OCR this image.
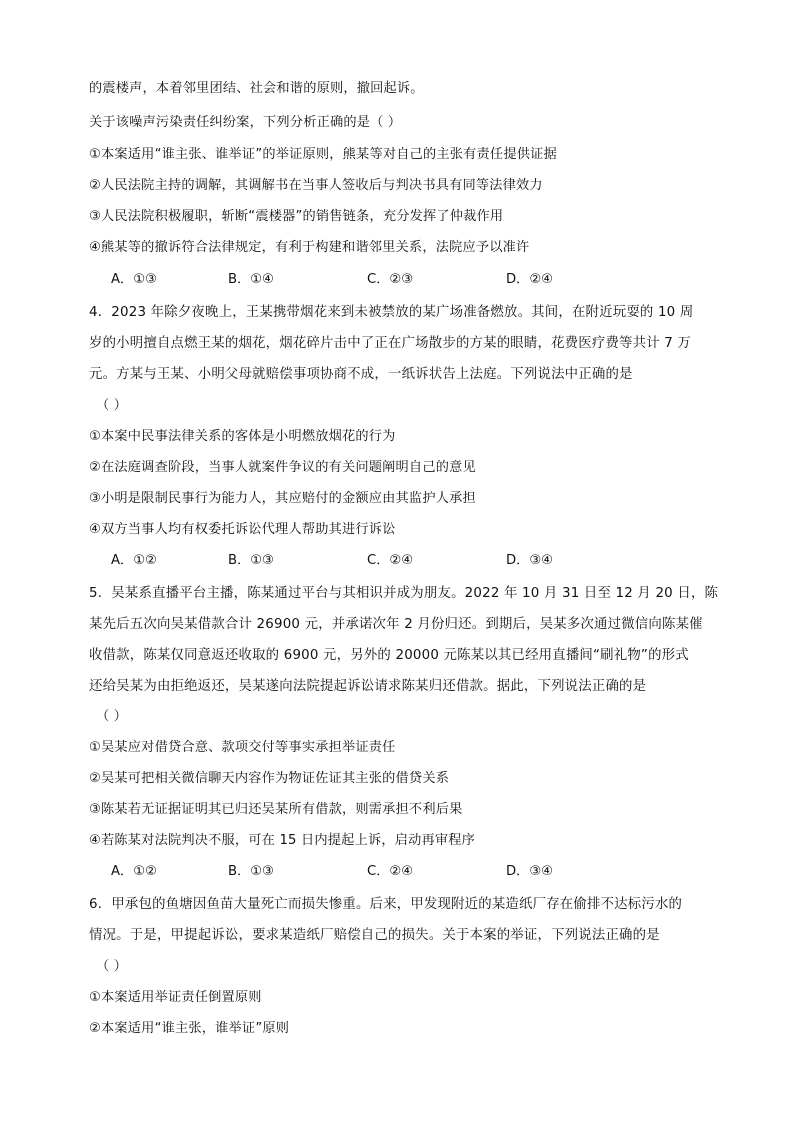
的震楼声，本着邻里团结、社会和谐的原则，撤回起诉。
关于该噪声污染责任纠纷案，下列分析正确的是（ ）
①本案适用“谁主张、谁举证”的举证原则，熊某等对自己的主张有责任提供证据
②人民法院主持的调解，其调解书在当事人签收后与判决书具有同等法律效力
③人民法院积极履职，斩断“震楼器”的销售链条，充分发挥了仲裁作用
④熊某等的撤诉符合法律规定，有利于构建和谐邻里关系，法院应予以准许
A．①③	B．①④	C．②③	D．②④
4．2023 年除夕夜晚上，王某携带烟花来到未被禁放的某广场准备燃放。其间，在附近玩耍的 10 周
岁的小明擅自点燃王某的烟花，烟花碎片击中了正在广场散步的方某的眼睛，花费医疗费等共计 7 万
元。方某与王某、小明父母就赔偿事项协商不成，一纸诉状告上法庭。下列说法中正确的是
（ ）
①本案中民事法律关系的客体是小明燃放烟花的行为
②在法庭调查阶段，当事人就案件争议的有关问题阐明自己的意见
③小明是限制民事行为能力人，其应赔付的金额应由其监护人承担
④双方当事人均有权委托诉讼代理人帮助其进行诉讼
A．①②	B．①③	C．②④	D．③④
5．吴某系直播平台主播，陈某通过平台与其相识并成为朋友。2022 年 10 月 31 日至 12 月 20 日，陈
某先后五次向吴某借款合计 26900 元，并承诺次年 2 月份归还。到期后，吴某多次通过微信向陈某催
收借款，陈某仅同意返还收取的 6900 元，另外的 20000 元陈某以其已经用直播间“刷礼物”的形式
还给吴某为由拒绝返还，吴某遂向法院提起诉讼请求陈某归还借款。据此，下列说法正确的是
（ ）
①吴某应对借贷合意、款项交付等事实承担举证责任
②吴某可把相关微信聊天内容作为物证佐证其主张的借贷关系
③陈某若无证据证明其已归还吴某所有借款，则需承担不利后果
④若陈某对法院判决不服，可在 15 日内提起上诉，启动再审程序
A．①②	B．①③	C．②④	D．③④
6．甲承包的鱼塘因鱼苗大量死亡而损失惨重。后来，甲发现附近的某造纸厂存在偷排不达标污水的
情况。于是，甲提起诉讼，要求某造纸厂赔偿自己的损失。关于本案的举证，下列说法正确的是
（ ）
①本案适用举证责任倒置原则
②本案适用“谁主张，谁举证”原则
